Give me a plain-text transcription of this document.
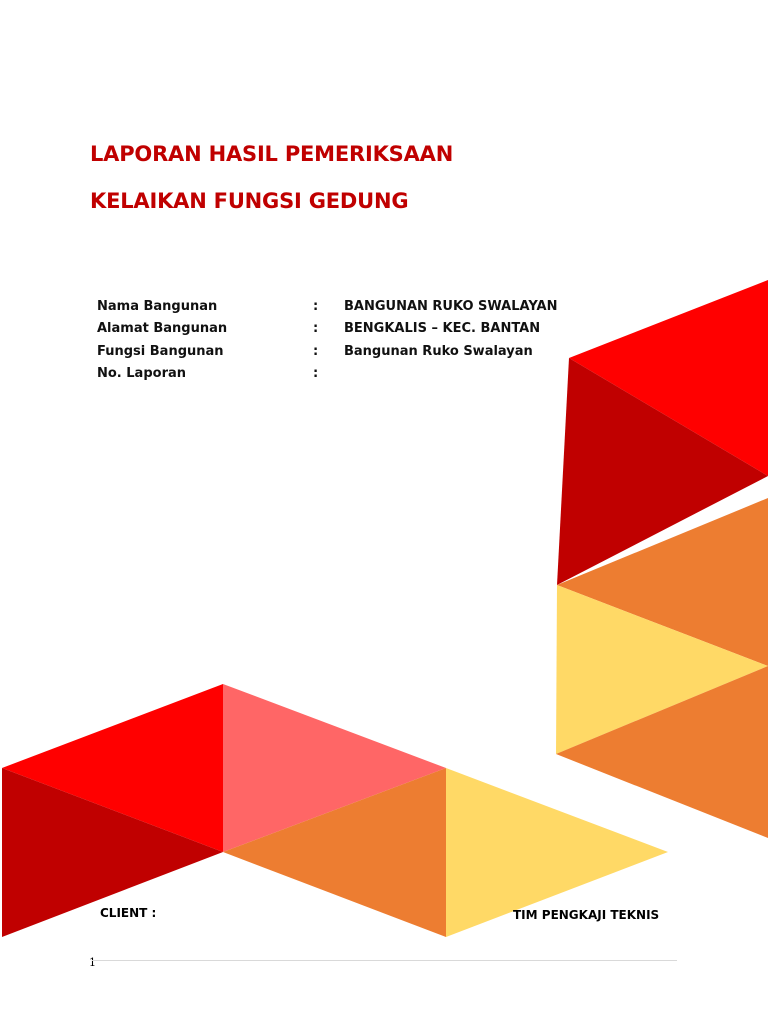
LAPORAN HASIL PEMERIKSAAN
KELAIKAN FUNGSI GEDUNG
Nama Bangunan	: BANGUNAN RUKO SWALAYAN
Alamat Bangunan	: BENGKALIS – KEC. BANTAN
Fungsi Bangunan	: Bangunan Ruko Swalayan
No. Laporan	:
CLIENT :	TIM PENGKAJI TEKNIS
1
